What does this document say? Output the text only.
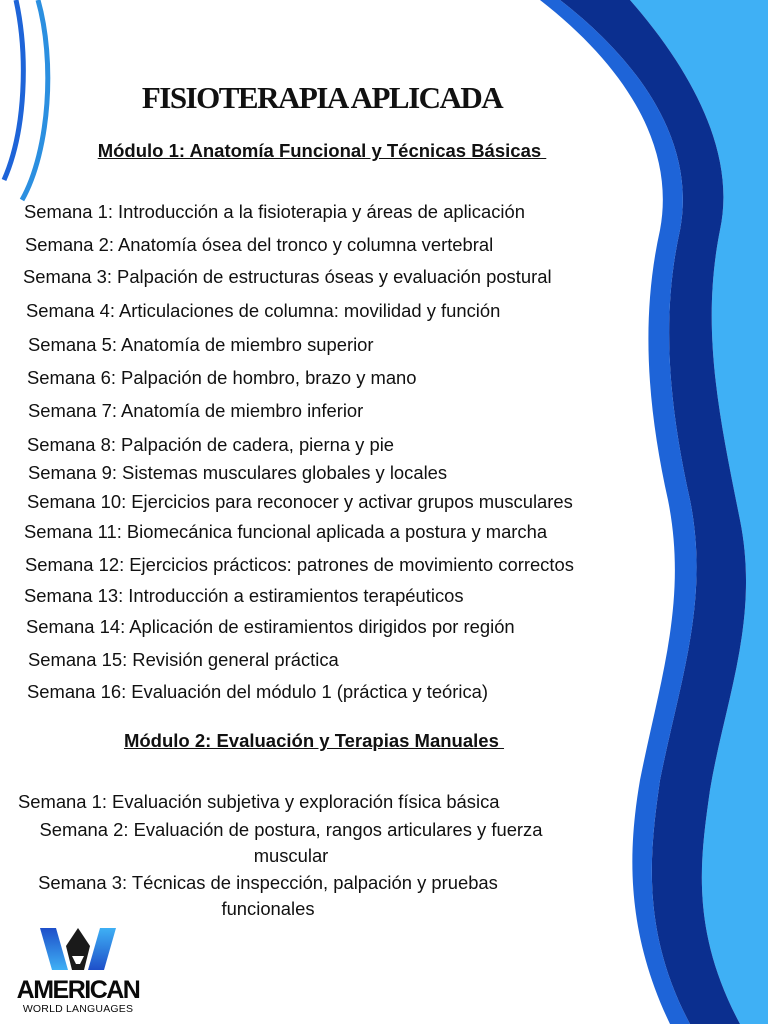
FISIOTERAPIA APLICADA
Módulo 1: Anatomía Funcional y Técnicas Básicas
Semana 1: Introducción a la fisioterapia y áreas de aplicación
Semana 2: Anatomía ósea del tronco y columna vertebral
Semana 3: Palpación de estructuras óseas y evaluación postural
Semana 4: Articulaciones de columna: movilidad y función
Semana 5: Anatomía de miembro superior
Semana 6: Palpación de hombro, brazo y mano
Semana 7: Anatomía de miembro inferior
Semana 8: Palpación de cadera, pierna y pie
Semana 9: Sistemas musculares globales y locales
Semana 10: Ejercicios para reconocer y activar grupos musculares
Semana 11: Biomecánica funcional aplicada a postura y marcha
Semana 12: Ejercicios prácticos: patrones de movimiento correctos
Semana 13: Introducción a estiramientos terapéuticos
Semana 14: Aplicación de estiramientos dirigidos por región
Semana 15: Revisión general práctica
Semana 16: Evaluación del módulo 1 (práctica y teórica)
Módulo 2: Evaluación y Terapias Manuales
Semana 1: Evaluación subjetiva y exploración física básica
Semana 2: Evaluación de postura, rangos articulares y fuerza muscular
Semana 3: Técnicas de inspección, palpación y pruebas funcionales
AMERICAN
WORLD LANGUAGES
